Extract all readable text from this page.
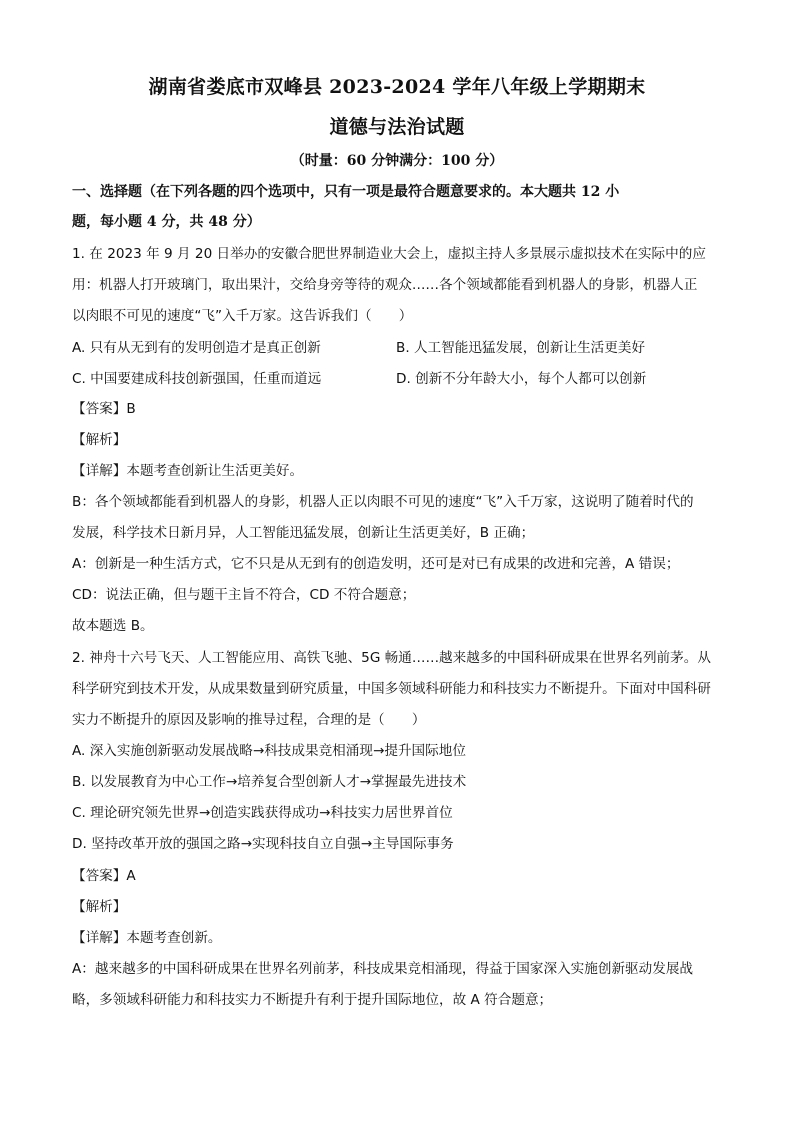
湖南省娄底市双峰县 2023-2024 学年八年级上学期期末
道德与法治试题
（时量：60 分钟满分：100 分）
一、选择题（在下列各题的四个选项中，只有一项是最符合题意要求的。本大题共 12 小
题，每小题 4 分，共 48 分）
1. 在 2023 年 9 月 20 日举办的安徽合肥世界制造业大会上，虚拟主持人多景展示虚拟技术在实际中的应
用：机器人打开玻璃门，取出果汁，交给身旁等待的观众……各个领域都能看到机器人的身影，机器人正
以肉眼不可见的速度“飞”入千万家。这告诉我们（　　）
A. 只有从无到有的发明创造才是真正创新	B. 人工智能迅猛发展，创新让生活更美好
C. 中国要建成科技创新强国，任重而道远	D. 创新不分年龄大小，每个人都可以创新
【答案】B
【解析】
【详解】本题考查创新让生活更美好。
B：各个领域都能看到机器人的身影，机器人正以肉眼不可见的速度“飞”入千万家，这说明了随着时代的
发展，科学技术日新月异，人工智能迅猛发展，创新让生活更美好，B 正确；
A：创新是一种生活方式，它不只是从无到有的创造发明，还可是对已有成果的改进和完善，A 错误；
CD：说法正确，但与题干主旨不符合，CD 不符合题意；
故本题选 B。
2. 神舟十六号飞天、人工智能应用、高铁飞驰、5G 畅通……越来越多的中国科研成果在世界名列前茅。从
科学研究到技术开发，从成果数量到研究质量，中国多领域科研能力和科技实力不断提升。下面对中国科研
实力不断提升的原因及影响的推导过程，合理的是（　　）
A. 深入实施创新驱动发展战略→科技成果竞相涌现→提升国际地位
B. 以发展教育为中心工作→培养复合型创新人才→掌握最先进技术
C. 理论研究领先世界→创造实践获得成功→科技实力居世界首位
D. 坚持改革开放的强国之路→实现科技自立自强→主导国际事务
【答案】A
【解析】
【详解】本题考查创新。
A：越来越多的中国科研成果在世界名列前茅，科技成果竞相涌现，得益于国家深入实施创新驱动发展战
略，多领域科研能力和科技实力不断提升有利于提升国际地位，故 A 符合题意；
